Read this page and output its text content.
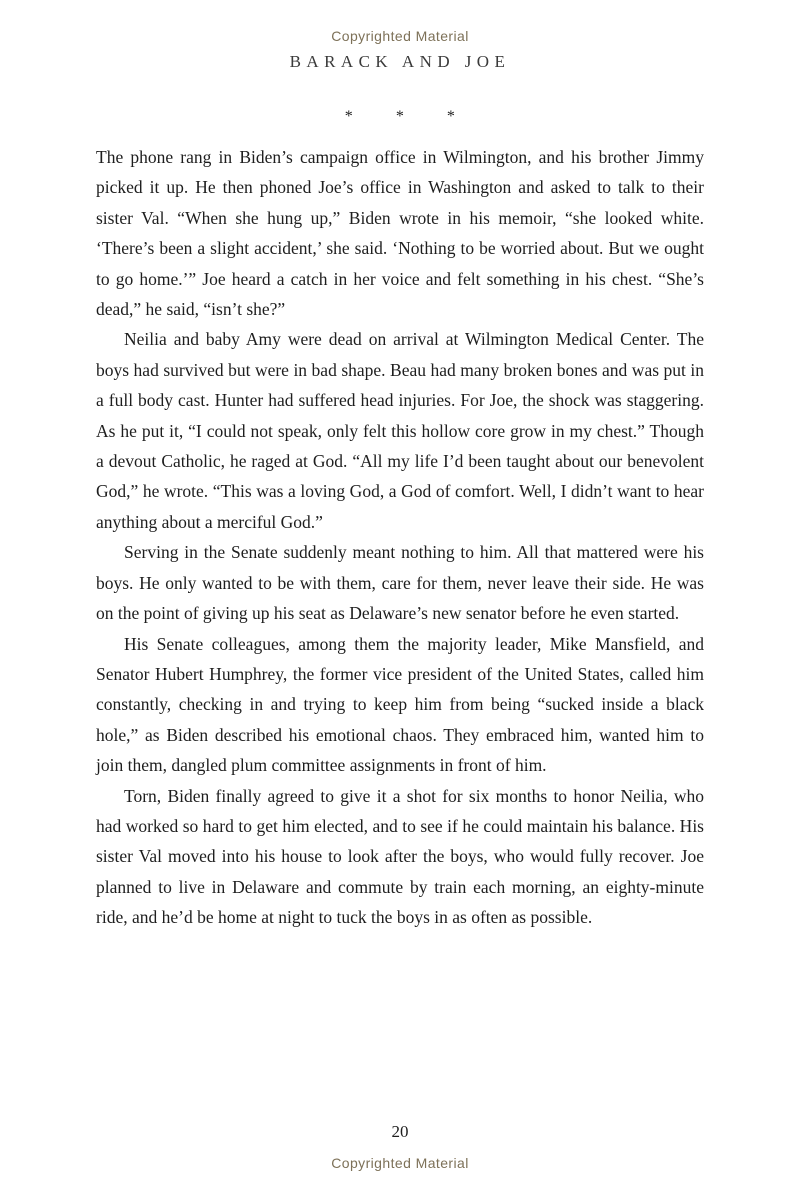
Copyrighted Material
BARACK AND JOE
* * *

The phone rang in Biden’s campaign office in Wilmington, and his brother Jimmy picked it up. He then phoned Joe’s office in Washington and asked to talk to their sister Val. “When she hung up,” Biden wrote in his memoir, “she looked white. ‘There’s been a slight accident,’ she said. ‘Nothing to be worried about. But we ought to go home.’” Joe heard a catch in her voice and felt something in his chest. “She’s dead,” he said, “isn’t she?”

Neilia and baby Amy were dead on arrival at Wilmington Medical Center. The boys had survived but were in bad shape. Beau had many broken bones and was put in a full body cast. Hunter had suffered head injuries. For Joe, the shock was staggering. As he put it, “I could not speak, only felt this hollow core grow in my chest.” Though a devout Catholic, he raged at God. “All my life I’d been taught about our benevolent God,” he wrote. “This was a loving God, a God of comfort. Well, I didn’t want to hear anything about a merciful God.”

Serving in the Senate suddenly meant nothing to him. All that mattered were his boys. He only wanted to be with them, care for them, never leave their side. He was on the point of giving up his seat as Delaware’s new senator before he even started.

His Senate colleagues, among them the majority leader, Mike Mansfield, and Senator Hubert Humphrey, the former vice president of the United States, called him constantly, checking in and trying to keep him from being “sucked inside a black hole,” as Biden described his emotional chaos. They embraced him, wanted him to join them, dangled plum committee assignments in front of him.

Torn, Biden finally agreed to give it a shot for six months to honor Neilia, who had worked so hard to get him elected, and to see if he could maintain his balance. His sister Val moved into his house to look after the boys, who would fully recover. Joe planned to live in Delaware and commute by train each morning, an eighty-minute ride, and he’d be home at night to tuck the boys in as often as possible.

20
Copyrighted Material
